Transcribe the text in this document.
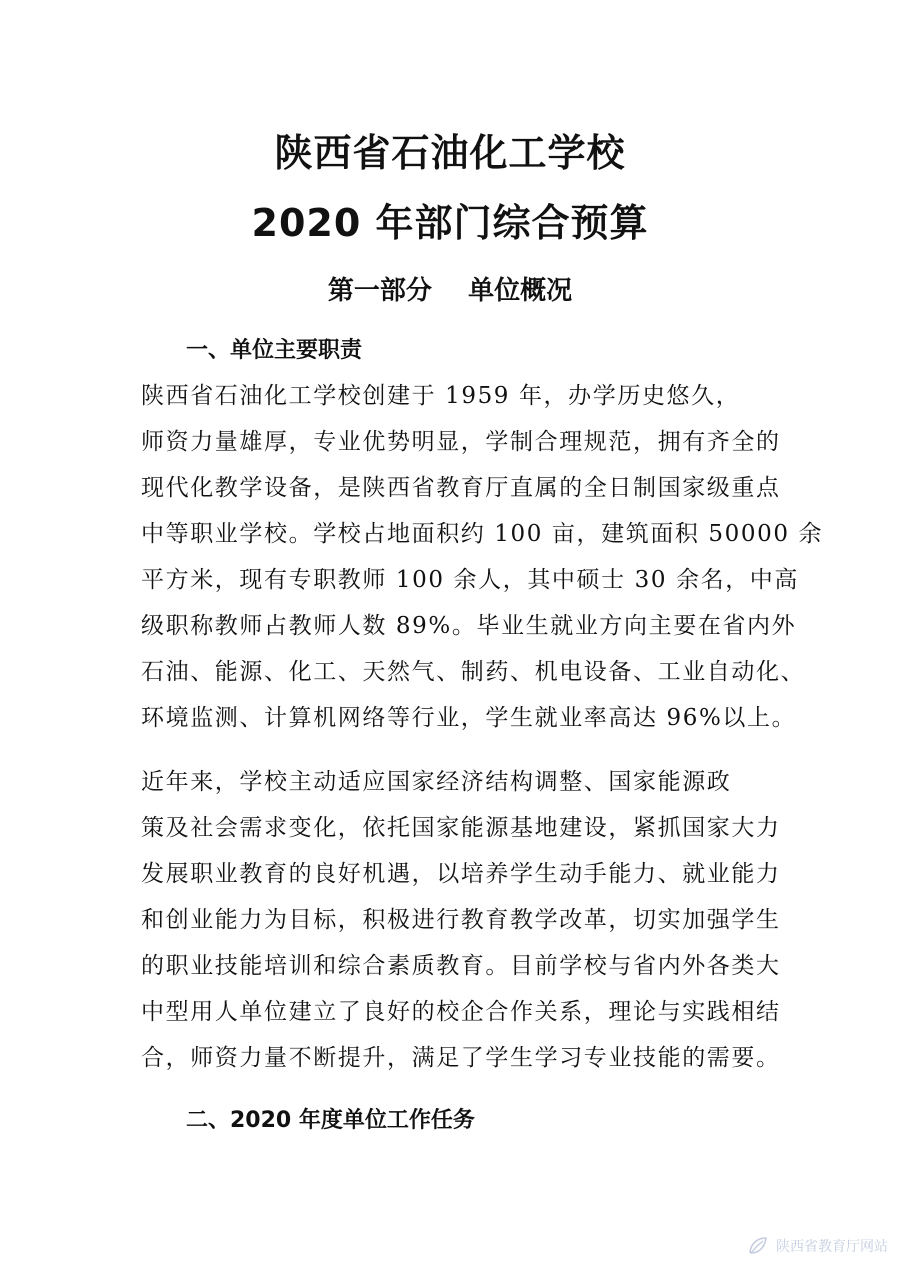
陕西省石油化工学校
2020 年部门综合预算
第一部分    单位概况
一、单位主要职责
陕西省石油化工学校创建于 1959 年，办学历史悠久，
师资力量雄厚，专业优势明显，学制合理规范，拥有齐全的
现代化教学设备，是陕西省教育厅直属的全日制国家级重点
中等职业学校。学校占地面积约 100 亩，建筑面积 50000 余
平方米，现有专职教师 100 余人，其中硕士 30 余名，中高
级职称教师占教师人数 89%。毕业生就业方向主要在省内外
石油、能源、化工、天然气、制药、机电设备、工业自动化、
环境监测、计算机网络等行业，学生就业率高达 96%以上。
近年来，学校主动适应国家经济结构调整、国家能源政
策及社会需求变化，依托国家能源基地建设，紧抓国家大力
发展职业教育的良好机遇，以培养学生动手能力、就业能力
和创业能力为目标，积极进行教育教学改革，切实加强学生
的职业技能培训和综合素质教育。目前学校与省内外各类大
中型用人单位建立了良好的校企合作关系，理论与实践相结
合，师资力量不断提升，满足了学生学习专业技能的需要。
二、2020 年度单位工作任务
陕西省教育厅网站
